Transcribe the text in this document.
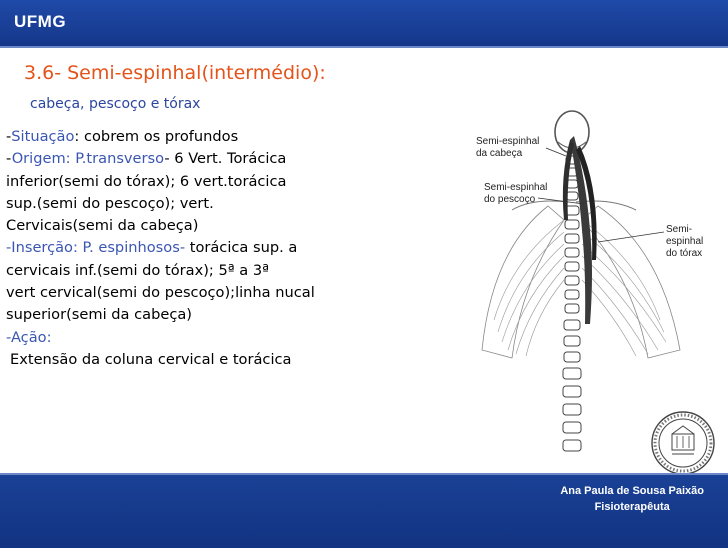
UFMG
3.6- Semi-espinhal(intermédio):
cabeça, pescoço e tórax

-Situação: cobrem os profundos

-Origem: P.transverso- 6 Vert. Torácica

inferior(semi do tórax); 6 vert.torácica

sup.(semi do pescoço); vert.

Cervicais(semi da cabeça)

-Inserção: P. espinhosos- torácica sup. a

cervicais inf.(semi do tórax); 5ª a 3ª

vert cervical(semi do pescoço);linha nucal

superior(semi da cabeça)

-Ação:

Extensão da coluna cervical e torácica

Semi-espinhal
da cabeça
Semi-espinhal
do pescoço
Semi-espinhal
do tórax
Ana Paula de Sousa Paixão
Fisioterapêuta
